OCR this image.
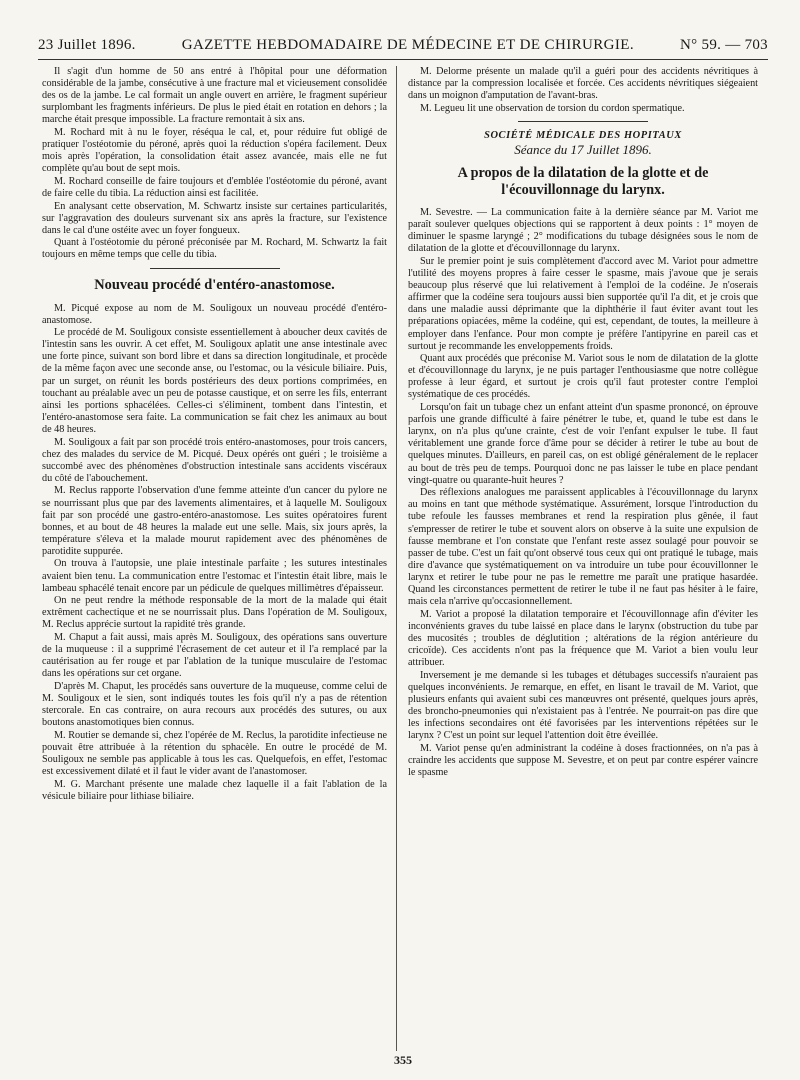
23 Juillet 1896.	GAZETTE HEBDOMADAIRE DE MÉDECINE ET DE CHIRURGIE.	N° 59. — 703

Il s'agit d'un homme de 50 ans entré à l'hôpital pour une déformation considérable de la jambe, consécutive à une fracture mal et vicieusement consolidée des os de la jambe. Le cal formait un angle ouvert en arrière, le fragment supérieur surplombant les fragments inférieurs. De plus le pied était en rotation en dehors ; la marche était presque impossible. La fracture remontait à six ans.

M. Rochard mit à nu le foyer, réséqua le cal, et, pour réduire fut obligé de pratiquer l'ostéotomie du péroné, après quoi la réduction s'opéra facilement. Deux mois après l'opération, la consolidation était assez avancée, mais elle ne fut complète qu'au bout de sept mois.

M. Rochard conseille de faire toujours et d'emblée l'ostéotomie du péroné, avant de faire celle du tibia. La réduction ainsi est facilitée.

En analysant cette observation, M. Schwartz insiste sur certaines particularités, sur l'aggravation des douleurs survenant six ans après la fracture, sur l'existence dans le cal d'une ostéite avec un foyer fongueux.

Quant à l'ostéotomie du péroné préconisée par M. Rochard, M. Schwartz la fait toujours en même temps que celle du tibia.

Nouveau procédé d'entéro-anastomose.

M. Picqué expose au nom de M. Souligoux un nouveau procédé d'entéro-anastomose.

Le procédé de M. Souligoux consiste essentiellement à aboucher deux cavités de l'intestin sans les ouvrir. A cet effet, M. Souligoux aplatit une anse intestinale avec une forte pince, suivant son bord libre et dans sa direction longitudinale, et procède de la même façon avec une seconde anse, ou l'estomac, ou la vésicule biliaire. Puis, par un surget, on réunit les bords postérieurs des deux portions comprimées, en touchant au préalable avec un peu de potasse caustique, et on serre les fils, enterrant ainsi les portions sphacélées. Celles-ci s'éliminent, tombent dans l'intestin, et l'entéro-anastomose sera faite. La communication se fait chez les animaux au bout de 48 heures.

M. Souligoux a fait par son procédé trois entéro-anastomoses, pour trois cancers, chez des malades du service de M. Picqué. Deux opérés ont guéri ; le troisième a succombé avec des phénomènes d'obstruction intestinale sans accidents viscéraux du côté de l'abouchement.

M. Reclus rapporte l'observation d'une femme atteinte d'un cancer du pylore ne se nourrissant plus que par des lavements alimentaires, et à laquelle M. Souligoux fait par son procédé une gastro-entéro-anastomose. Les suites opératoires furent bonnes, et au bout de 48 heures la malade eut une selle. Mais, six jours après, la température s'éleva et la malade mourut rapidement avec des phénomènes de parotidite suppurée.

On trouva à l'autopsie, une plaie intestinale parfaite ; les sutures intestinales avaient bien tenu. La communication entre l'estomac et l'intestin était libre, mais le lambeau sphacélé tenait encore par un pédicule de quelques millimètres d'épaisseur.

On ne peut rendre la méthode responsable de la mort de la malade qui était extrêment cachectique et ne se nourrissait plus. Dans l'opération de M. Souligoux, M. Reclus apprécie surtout la rapidité très grande.

M. Chaput a fait aussi, mais après M. Souligoux, des opérations sans ouverture de la muqueuse : il a supprimé l'écrasement de cet auteur et il l'a remplacé par la cautérisation au fer rouge et par l'ablation de la tunique musculaire de l'estomac dans les opérations sur cet organe.

D'après M. Chaput, les procédés sans ouverture de la muqueuse, comme celui de M. Souligoux et le sien, sont indiqués toutes les fois qu'il n'y a pas de rétention stercorale. En cas contraire, on aura recours aux procédés des sutures, ou aux boutons anastomotiques bien connus.

M. Routier se demande si, chez l'opérée de M. Reclus, la parotidite infectieuse ne pouvait être attribuée à la rétention du sphacèle. En outre le procédé de M. Souligoux ne semble pas applicable à tous les cas. Quelquefois, en effet, l'estomac est excessivement dilaté et il faut le vider avant de l'anastomoser.

M. G. Marchant présente une malade chez laquelle il a fait l'ablation de la vésicule biliaire pour lithiase biliaire.

M. Delorme présente un malade qu'il a guéri pour des accidents névritiques à distance par la compression localisée et forcée. Ces accidents névritiques siégeaient dans un moignon d'amputation de l'avant-bras.

M. Legueu lit une observation de torsion du cordon spermatique.

SOCIÉTÉ MÉDICALE DES HOPITAUX
Séance du 17 Juillet 1896.
A propos de la dilatation de la glotte et de l'écouvillonnage du larynx.

M. Sevestre. — La communication faite à la dernière séance par M. Variot me paraît soulever quelques objections qui se rapportent à deux points : 1° moyen de diminuer le spasme laryngé ; 2° modifications du tubage désignées sous le nom de dilatation de la glotte et d'écouvillonnage du larynx.

Sur le premier point je suis complètement d'accord avec M. Variot pour admettre l'utilité des moyens propres à faire cesser le spasme, mais j'avoue que je serais beaucoup plus réservé que lui relativement à l'emploi de la codéine. Je n'oserais affirmer que la codéine sera toujours aussi bien supportée qu'il l'a dit, et je crois que dans une maladie aussi déprimante que la diphthérie il faut éviter avant tout les préparations opiacées, même la codéine, qui est, cependant, de toutes, la meilleure à employer dans l'enfance. Pour mon compte je préfère l'antipyrine en pareil cas et surtout je recommande les enveloppements froids.

Quant aux procédés que préconise M. Variot sous le nom de dilatation de la glotte et d'écouvillonnage du larynx, je ne puis partager l'enthousiasme que notre collègue professe à leur égard, et surtout je crois qu'il faut protester contre l'emploi systématique de ces procédés.

Lorsqu'on fait un tubage chez un enfant atteint d'un spasme prononcé, on éprouve parfois une grande difficulté à faire pénétrer le tube, et, quand le tube est dans le larynx, on n'a plus qu'une crainte, c'est de voir l'enfant expulser le tube. Il faut véritablement une grande force d'âme pour se décider à retirer le tube au bout de quelques minutes. D'ailleurs, en pareil cas, on est obligé généralement de le replacer au bout de très peu de temps. Pourquoi donc ne pas laisser le tube en place pendant vingt-quatre ou quarante-huit heures ?

Des réflexions analogues me paraissent applicables à l'écouvillonnage du larynx au moins en tant que méthode systématique. Assurément, lorsque l'introduction du tube refoule les fausses membranes et rend la respiration plus gênée, il faut s'empresser de retirer le tube et souvent alors on observe à la suite une expulsion de fausse membrane et l'on constate que l'enfant reste assez soulagé pour pouvoir se passer de tube. C'est un fait qu'ont observé tous ceux qui ont pratiqué le tubage, mais dire d'avance que systématiquement on va introduire un tube pour écouvillonner le larynx et retirer le tube pour ne pas le remettre me paraît une pratique hasardée. Quand les circonstances permettent de retirer le tube il ne faut pas hésiter à le faire, mais cela n'arrive qu'occasionnellement.

M. Variot a proposé la dilatation temporaire et l'écouvillonnage afin d'éviter les inconvénients graves du tube laissé en place dans le larynx (obstruction du tube par des mucosités ; troubles de déglutition ; altérations de la région antérieure du cricoïde). Ces accidents n'ont pas la fréquence que M. Variot a bien voulu leur attribuer.

Inversement je me demande si les tubages et détubages successifs n'auraient pas quelques inconvénients. Je remarque, en effet, en lisant le travail de M. Variot, que plusieurs enfants qui avaient subi ces manœuvres ont présenté, quelques jours après, des broncho-pneumonies qui n'existaient pas à l'entrée. Ne pourrait-on pas dire que les infections secondaires ont été favorisées par les interventions répétées sur le larynx ? C'est un point sur lequel l'attention doit être éveillée.

M. Variot pense qu'en administrant la codéine à doses fractionnées, on n'a pas à craindre les accidents que suppose M. Sevestre, et on peut par contre espérer vaincre le spasme

355
